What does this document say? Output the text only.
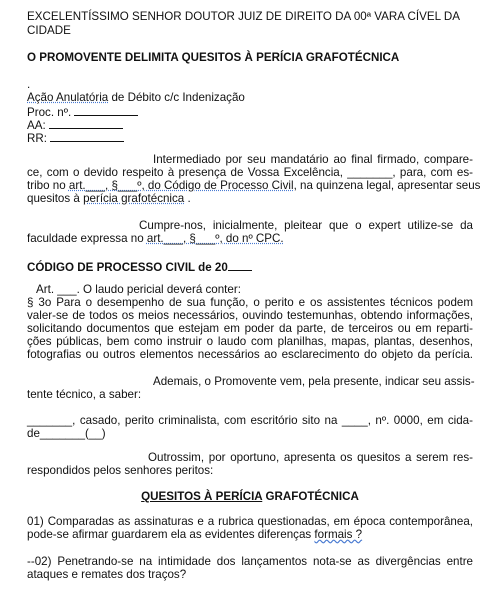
EXCELENTÍSSIMO SENHOR DOUTOR JUIZ DE DIREITO DA 00ª VARA CÍVEL DA
CIDADE
O PROMOVENTE DELIMITA QUESITOS À PERÍCIA GRAFOTÉCNICA
.
Ação Anulatória de Débito c/c Indenização
Proc. nº.
AA:
RR:
Intermediado por seu mandatário ao final firmado, compare-
ce, com o devido respeito à presença de Vossa Excelência, _______, para, com es-
tribo no art.___, §___º, do Código de Processo Civil, na quinzena legal, apresentar seus
quesitos à perícia grafotécnica .
Cumpre-nos, inicialmente, pleitear que o expert utilize-se da
faculdade expressa no art.___, §___º, do nº CPC.
CÓDIGO DE PROCESSO CIVIL de 20
Art. ___. O laudo pericial deverá conter:
§ 3o Para o desempenho de sua função, o perito e os assistentes técnicos podem
valer-se de todos os meios necessários, ouvindo testemunhas, obtendo informações,
solicitando documentos que estejam em poder da parte, de terceiros ou em reparti-
ções públicas, bem como instruir o laudo com planilhas, mapas, plantas, desenhos,
fotografias ou outros elementos necessários ao esclarecimento do objeto da perícia.
Ademais, o Promovente vem, pela presente, indicar seu assis-
tente técnico, a saber:
_______, casado, perito criminalista, com escritório sito na ____, nº. 0000, em cida-
de_______(__)
Outrossim, por oportuno, apresenta os quesitos a serem res-
respondidos pelos senhores peritos:
QUESITOS À PERÍCIA GRAFOTÉCNICA
01) Comparadas as assinaturas e a rubrica questionadas, em época contemporânea,
pode-se afirmar guardarem ela as evidentes diferenças formais ?
--02) Penetrando-se na intimidade dos lançamentos nota-se as divergências entre
ataques e remates dos traços?
